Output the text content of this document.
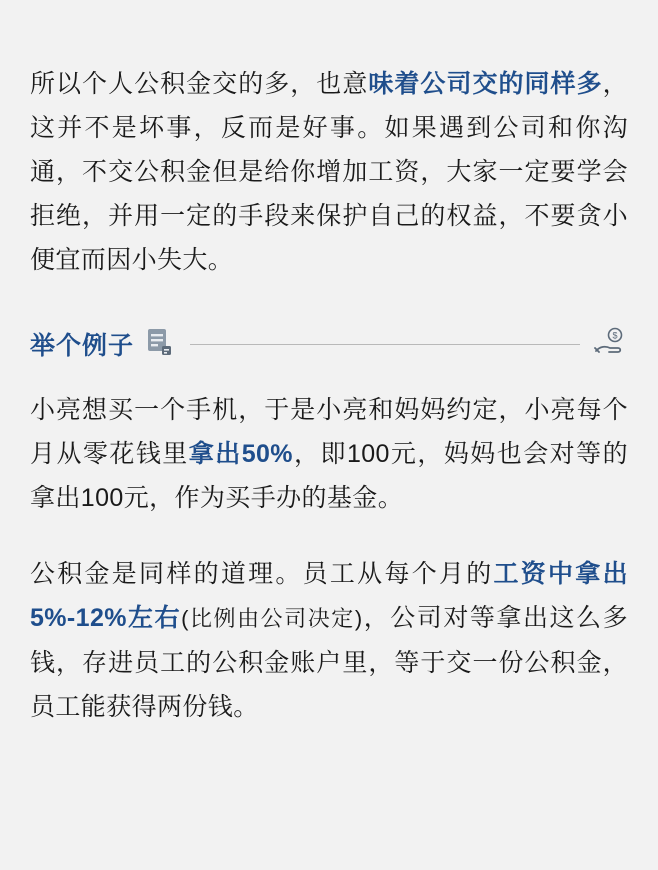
所以个人公积金交的多，也意味着公司交的同样多，这并不是坏事，反而是好事。如果遇到公司和你沟通，不交公积金但是给你增加工资，大家一定要学会拒绝，并用一定的手段来保护自己的权益，不要贪小便宜而因小失大。

举个例子	$

小亮想买一个手机，于是小亮和妈妈约定，小亮每个月从零花钱里拿出50%，即100元，妈妈也会对等的拿出100元，作为买手办的基金。

公积金是同样的道理。员工从每个月的工资中拿出5%-12%左右(比例由公司决定)，公司对等拿出这么多钱，存进员工的公积金账户里，等于交一份公积金，员工能获得两份钱。
